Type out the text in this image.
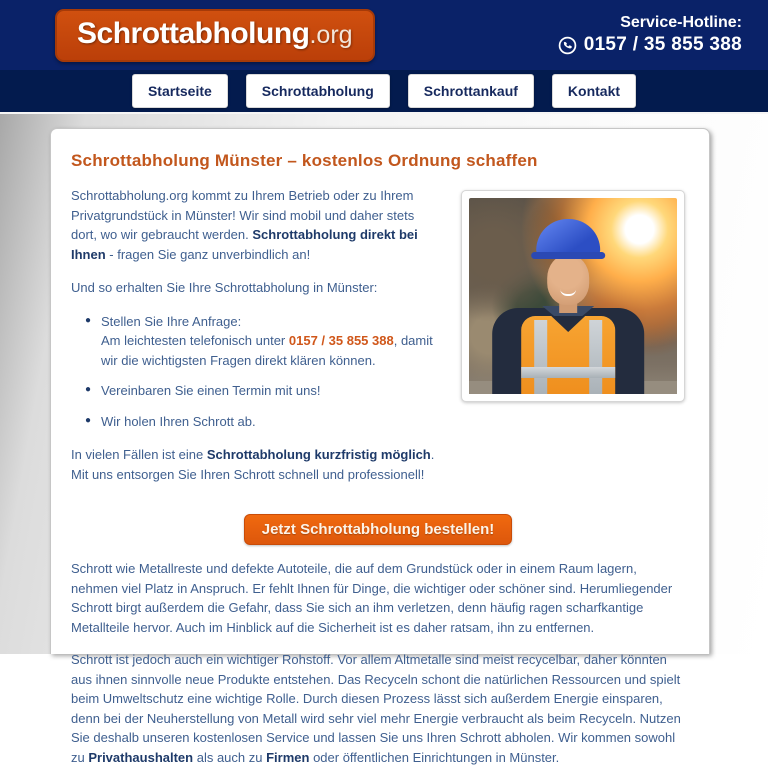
Schrottabholung.org	Service-Hotline:
0157 / 35 855 388
Startseite	Schrottabholung	Schrottankauf	Kontakt
Schrottabholung Münster – kostenlos Ordnung schaffen

Schrottabholung.org kommt zu Ihrem Betrieb oder zu Ihrem Privatgrundstück in Münster! Wir sind mobil und daher stets dort, wo wir gebraucht werden. Schrottabholung direkt bei Ihnen - fragen Sie ganz unverbindlich an!

Und so erhalten Sie Ihre Schrottabholung in Münster:

● Stellen Sie Ihre Anfrage:
Am leichtesten telefonisch unter 0157 / 35 855 388, damit wir die wichtigsten Fragen direkt klären können.
● Vereinbaren Sie einen Termin mit uns!
● Wir holen Ihren Schrott ab.

In vielen Fällen ist eine Schrottabholung kurzfristig möglich. Mit uns entsorgen Sie Ihren Schrott schnell und professionell!

Jetzt Schrottabholung bestellen!

Schrott wie Metallreste und defekte Autoteile, die auf dem Grundstück oder in einem Raum lagern, nehmen viel Platz in Anspruch. Er fehlt Ihnen für Dinge, die wichtiger oder schöner sind. Herumliegender Schrott birgt außerdem die Gefahr, dass Sie sich an ihm verletzen, denn häufig ragen scharfkantige Metallteile hervor. Auch im Hinblick auf die Sicherheit ist es daher ratsam, ihn zu entfernen.

Schrott ist jedoch auch ein wichtiger Rohstoff. Vor allem Altmetalle sind meist recycelbar, daher könnten aus ihnen sinnvolle neue Produkte entstehen. Das Recyceln schont die natürlichen Ressourcen und spielt beim Umweltschutz eine wichtige Rolle. Durch diesen Prozess lässt sich außerdem Energie einsparen, denn bei der Neuherstellung von Metall wird sehr viel mehr Energie verbraucht als beim Recyceln. Nutzen Sie deshalb unseren kostenlosen Service und lassen Sie uns Ihren Schrott abholen. Wir kommen sowohl zu Privathaushalten als auch zu Firmen oder öffentlichen Einrichtungen in Münster.
